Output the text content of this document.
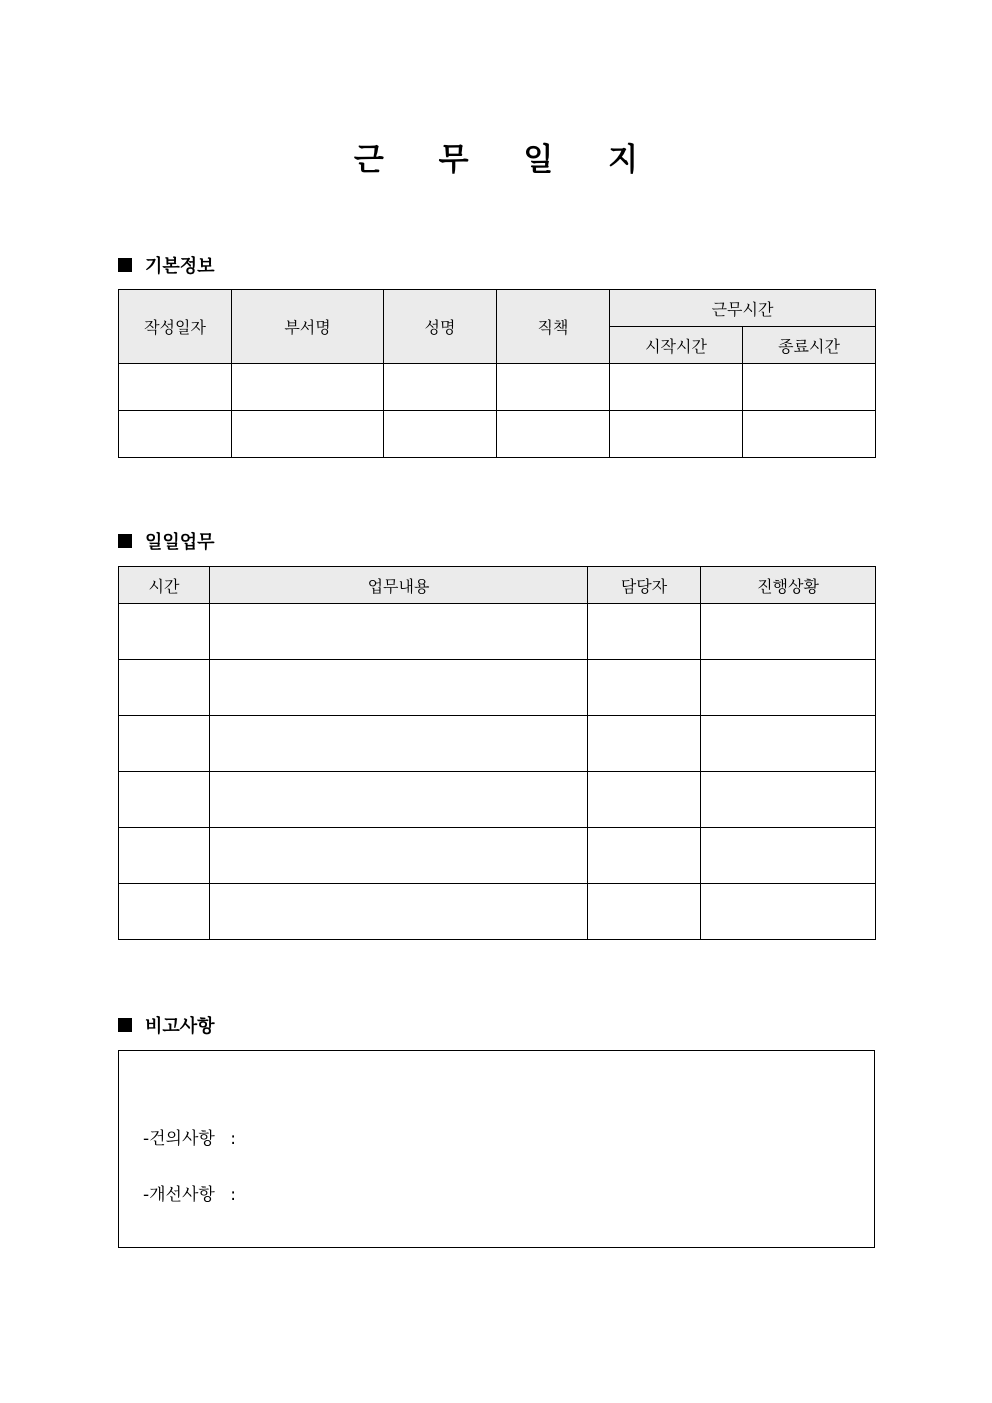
근 무 일 지
기본정보
작성일자	부서명	성명	직책	근무시간	
				시작시간	종료시간

일일업무
시간	업무내용	담당자	진행상황

비고사항
-건의사항 :
-개선사항 :
